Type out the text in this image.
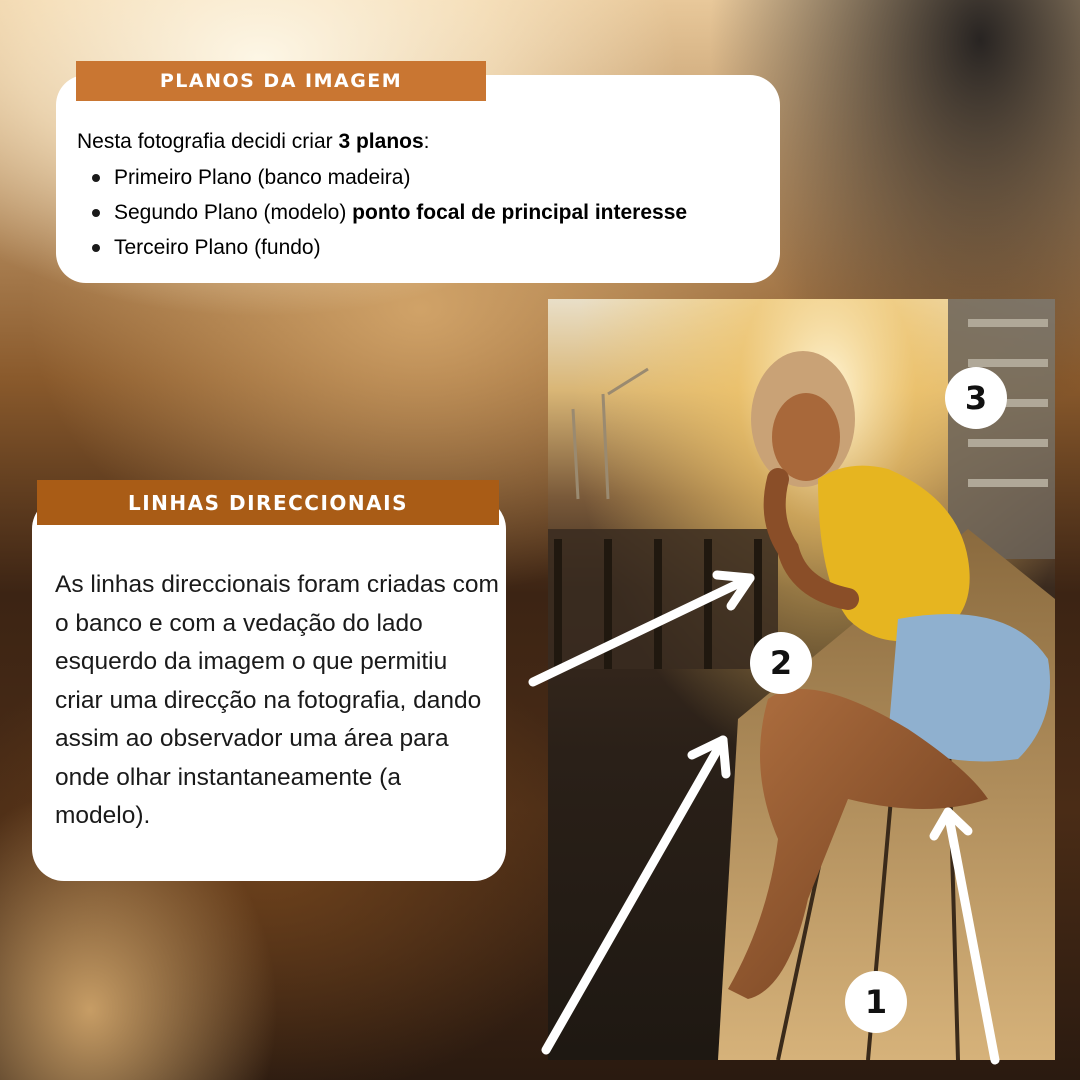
PLANOS DA IMAGEM

Nesta fotografia decidi criar 3 planos:

Primeiro Plano (banco madeira)
Segundo Plano (modelo) ponto focal de principal interesse
Terceiro Plano (fundo)
LINHAS DIRECCIONAIS

As linhas direccionais foram criadas com o banco e com a vedação do lado esquerdo da imagem o que permitiu criar uma direcção na fotografia, dando assim ao observador uma área para onde olhar instantaneamente (a modelo).

3
2
1
